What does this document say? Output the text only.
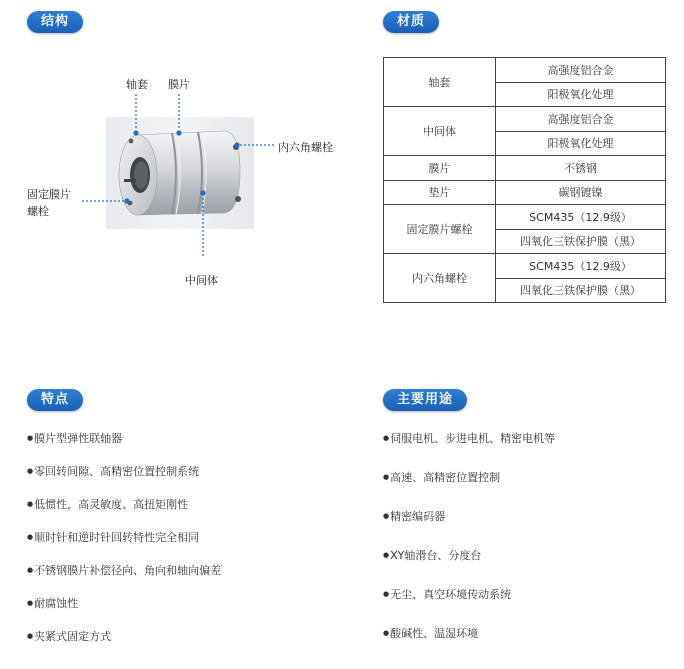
结构	材质
特点	主要用途
轴套 膜片
内六角螺栓
固定膜片
螺栓
中间体
轴套	高强度铝合金
	阳极氧化处理
中间体	高强度铝合金
	阳极氧化处理
膜片	不锈钢
垫片	碳钢镀镍
固定膜片螺栓	SCM435（12.9级）
	四氧化三铁保护膜（黑）
内六角螺栓	SCM435（12.9级）
	四氧化三铁保护膜（黑）
● 膜片型弹性联轴器
● 零回转间隙、高精密位置控制系统
● 低惯性，高灵敏度、高扭矩刚性
● 顺时针和逆时针回转特性完全相同
● 不锈钢膜片补偿径向、角向和轴向偏差
● 耐腐蚀性
● 夹紧式固定方式
● 伺服电机、步进电机、精密电机等
● 高速、高精密位置控制
● 精密编码器
● XY轴滑台、分度台
● 无尘、真空环境传动系统
● 酸碱性、温湿环境
